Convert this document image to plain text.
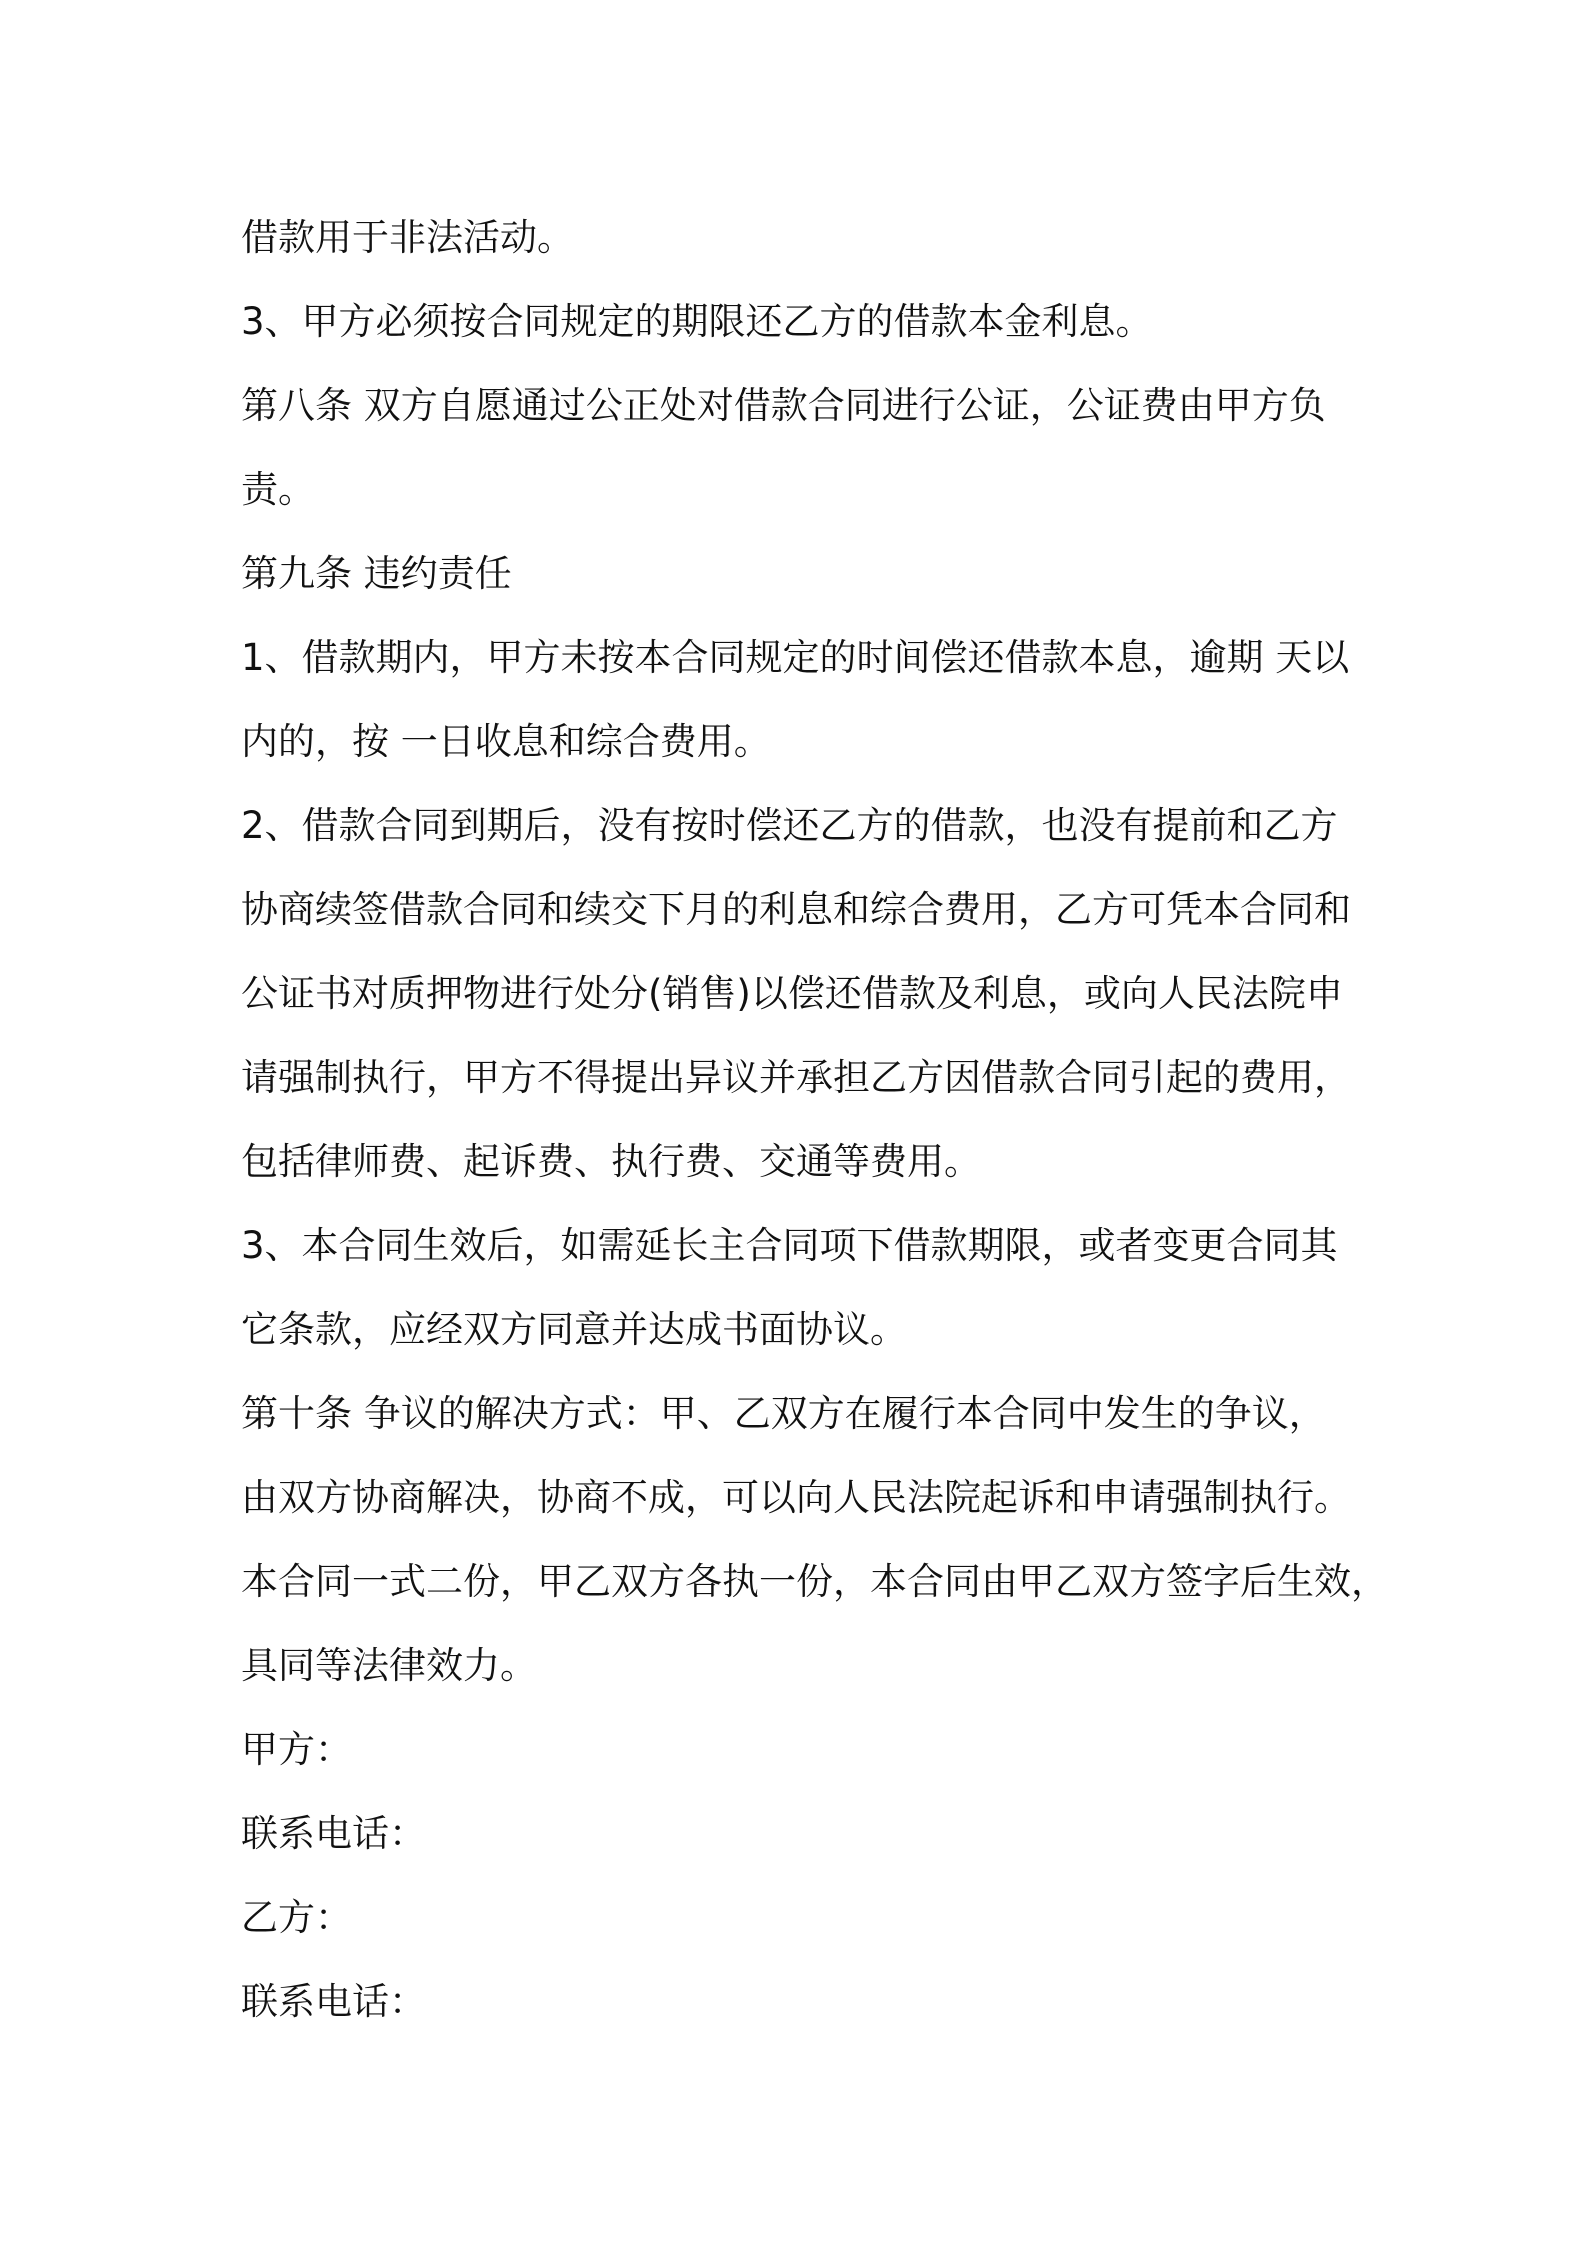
借款用于非法活动。

3、甲方必须按合同规定的期限还乙方的借款本金利息。

第八条 双方自愿通过公正处对借款合同进行公证，公证费由甲方负

责。

第九条 违约责任

1、借款期内，甲方未按本合同规定的时间偿还借款本息，逾期 天以

内的，按 一日收息和综合费用。

2、借款合同到期后，没有按时偿还乙方的借款，也没有提前和乙方

协商续签借款合同和续交下月的利息和综合费用，乙方可凭本合同和

公证书对质押物进行处分(销售)以偿还借款及利息，或向人民法院申

请强制执行，甲方不得提出异议并承担乙方因借款合同引起的费用，

包括律师费、起诉费、执行费、交通等费用。

3、本合同生效后，如需延长主合同项下借款期限，或者变更合同其

它条款，应经双方同意并达成书面协议。

第十条 争议的解决方式：甲、乙双方在履行本合同中发生的争议，

由双方协商解决，协商不成，可以向人民法院起诉和申请强制执行。

本合同一式二份，甲乙双方各执一份，本合同由甲乙双方签字后生效，

具同等法律效力。

甲方：

联系电话：

乙方：

联系电话：
